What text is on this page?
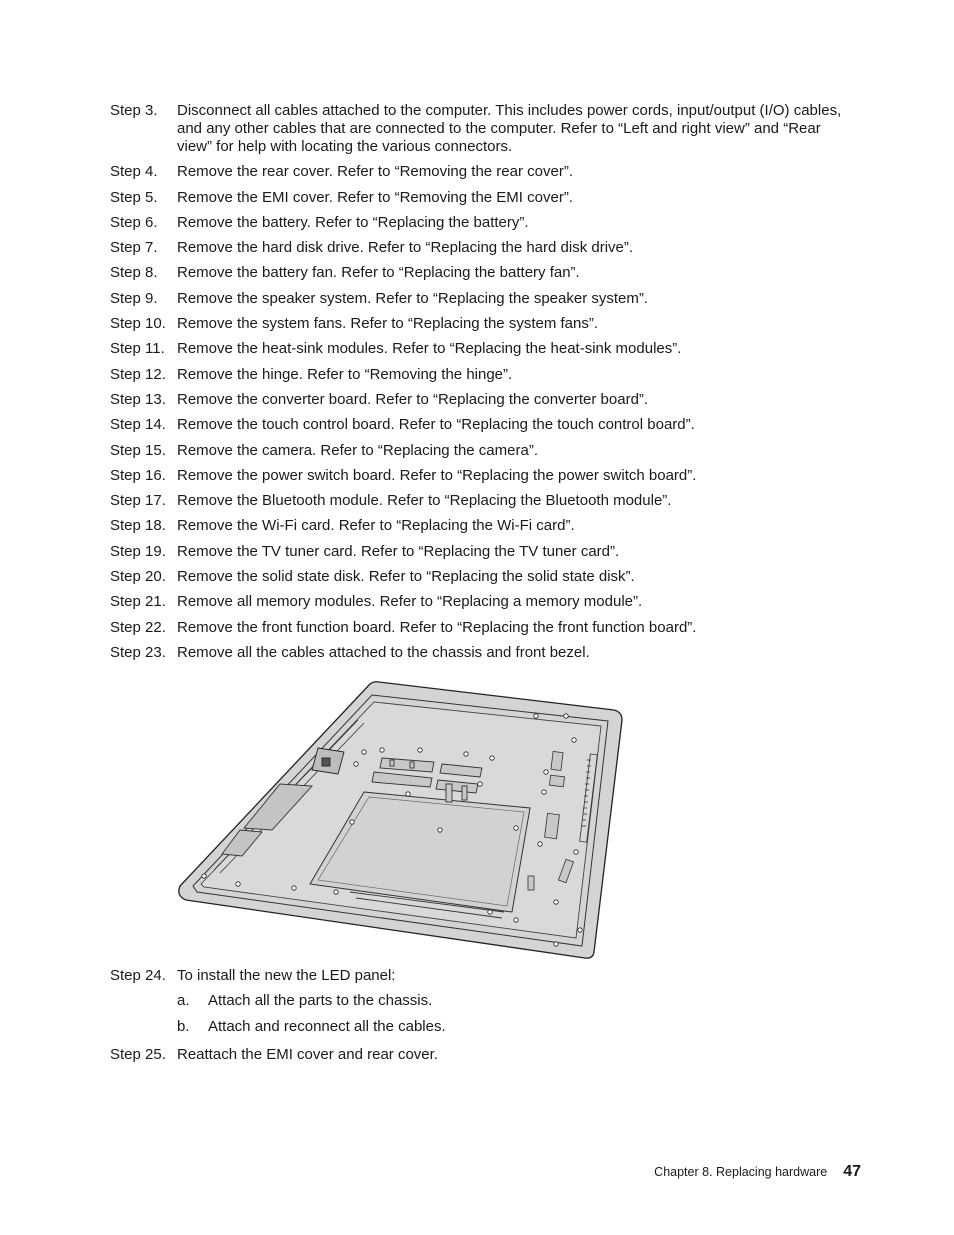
Step 3.	Disconnect all cables attached to the computer. This includes power cords, input/output (I/O) cables, and any other cables that are connected to the computer. Refer to “Left and right view” and “Rear view” for help with locating the various connectors.
Step 4.	Remove the rear cover. Refer to “Removing the rear cover”.
Step 5.	Remove the EMI cover. Refer to “Removing the EMI cover”.
Step 6.	Remove the battery. Refer to “Replacing the battery”.
Step 7.	Remove the hard disk drive. Refer to “Replacing the hard disk drive”.
Step 8.	Remove the battery fan. Refer to “Replacing the battery fan”.
Step 9.	Remove the speaker system. Refer to “Replacing the speaker system”.
Step 10. Remove the system fans. Refer to “Replacing the system fans”.
Step 11. Remove the heat-sink modules. Refer to “Replacing the heat-sink modules”.
Step 12. Remove the hinge. Refer to “Removing the hinge”.
Step 13. Remove the converter board. Refer to “Replacing the converter board”.
Step 14. Remove the touch control board. Refer to “Replacing the touch control board”.
Step 15. Remove the camera. Refer to “Replacing the camera”.
Step 16. Remove the power switch board. Refer to “Replacing the power switch board”.
Step 17. Remove the Bluetooth module. Refer to “Replacing the Bluetooth module”.
Step 18. Remove the Wi-Fi card. Refer to “Replacing the Wi-Fi card”.
Step 19. Remove the TV tuner card. Refer to “Replacing the TV tuner card”.
Step 20. Remove the solid state disk. Refer to “Replacing the solid state disk”.
Step 21. Remove all memory modules. Refer to “Replacing a memory module”.
Step 22. Remove the front function board. Refer to “Replacing the front function board”.
Step 23. Remove all the cables attached to the chassis and front bezel.
Step 24. To install the new the LED panel:
a.	Attach all the parts to the chassis.
b.	Attach and reconnect all the cables.
Step 25. Reattach the EMI cover and rear cover.
Chapter 8. Replacing hardware 47
